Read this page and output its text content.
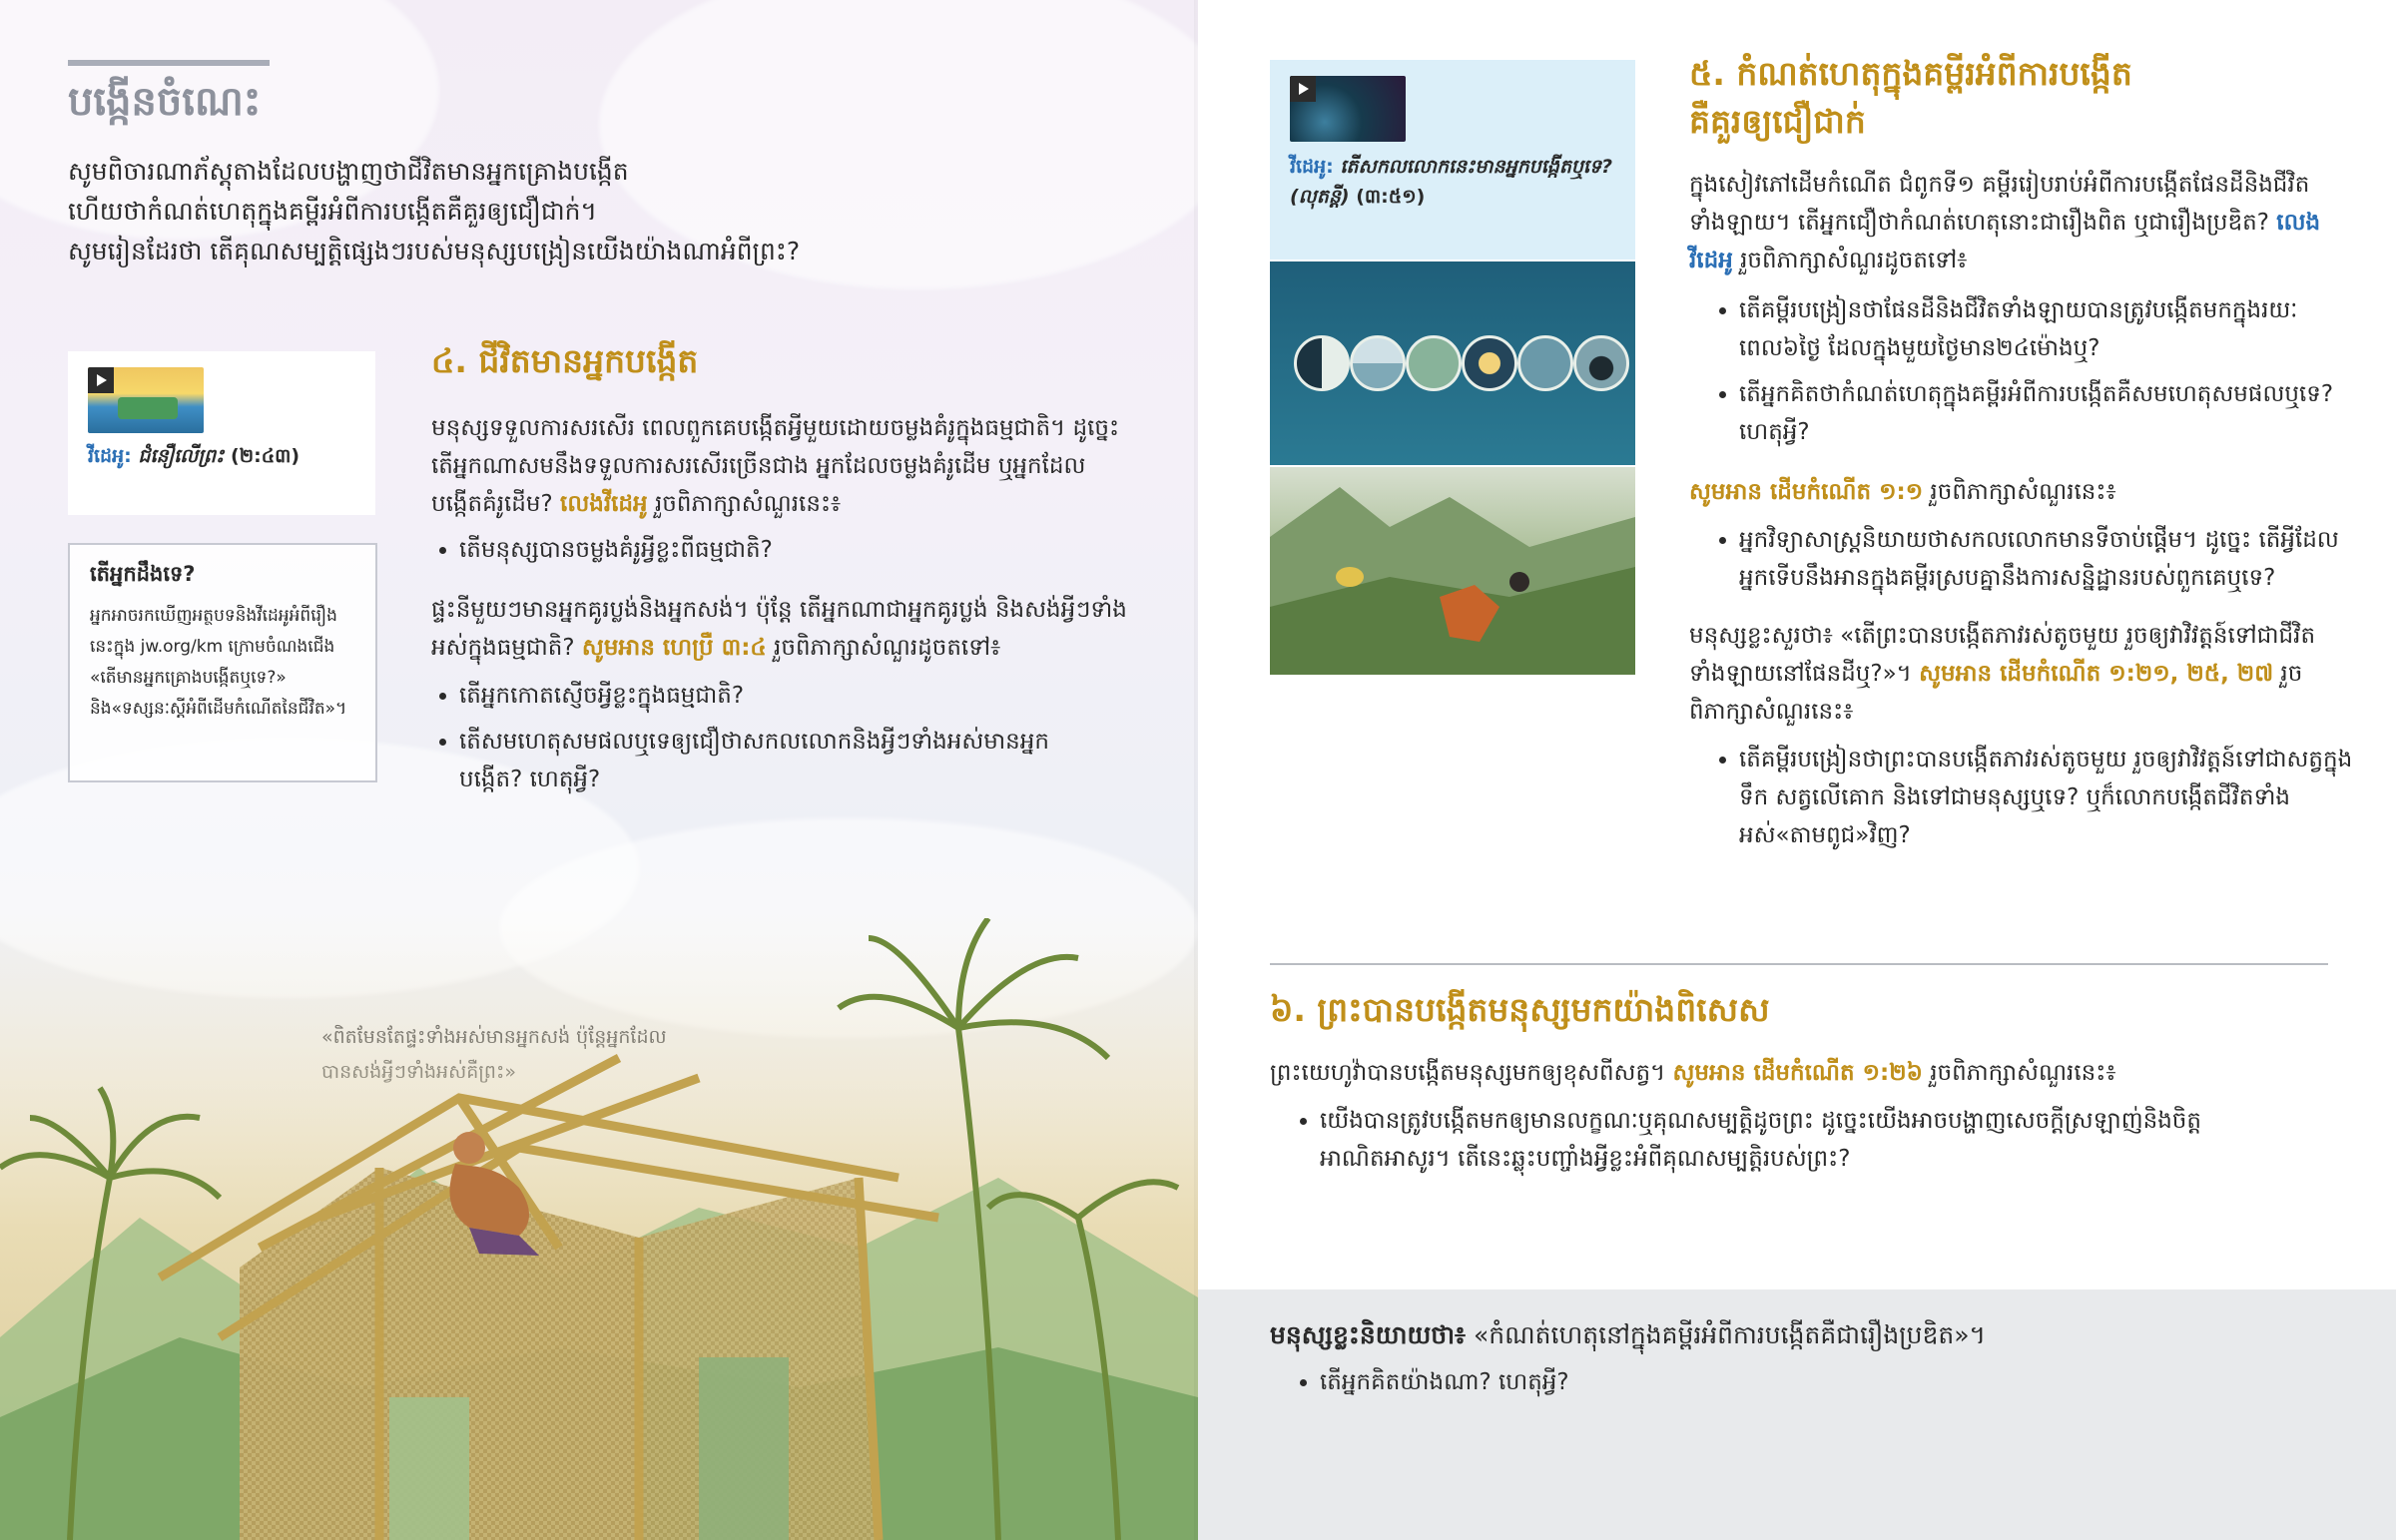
បង្កើនចំណេះ
សូមពិចារណាភ័ស្តុតាងដែលបង្ហាញថាជីវិតមានអ្នកគ្រោងបង្កើត
ហើយថាកំណត់ហេតុក្នុងគម្ពីរអំពីការបង្កើតគឺគួរឲ្យជឿជាក់។
សូមរៀនដែរថា តើគុណសម្បត្តិផ្សេងៗរបស់មនុស្សបង្រៀនយើងយ៉ាងណាអំពីព្រះ?
វីដេអូ: ជំនឿលើព្រះ (២:៤៣)
តើអ្នកដឹងទេ?
អ្នកអាចរកឃើញអត្ថបទនិងវីដេអូអំពីរឿងនេះក្នុង jw.org/km ក្រោមចំណងជើង «តើមានអ្នកគ្រោងបង្កើតឬទេ?» និង«ទស្សនៈស្ដីអំពីដើមកំណើតនៃជីវិត»។
៤. ជីវិតមានអ្នកបង្កើត
មនុស្សទទួលការសរសើរ ពេលពួកគេបង្កើតអ្វីមួយដោយចម្លងគំរូក្នុងធម្មជាតិ។ ដូច្នេះ តើអ្នកណាសមនឹងទទួលការសរសើរច្រើនជាង អ្នកដែលចម្លងគំរូដើម ឬអ្នកដែលបង្កើតគំរូដើម? លេងវីដេអូ រួចពិភាក្សាសំណួរនេះ៖
• តើមនុស្សបានចម្លងគំរូអ្វីខ្លះពីធម្មជាតិ?
ផ្ទះនីមួយៗមានអ្នកគូរប្លង់និងអ្នកសង់។ ប៉ុន្តែ តើអ្នកណាជាអ្នកគូរប្លង់ និងសង់អ្វីៗទាំងអស់ក្នុងធម្មជាតិ? សូមអាន ហេប្រឺ ៣:៤ រួចពិភាក្សាសំណួរដូចតទៅ៖
• តើអ្នកកោតស្ញើចអ្វីខ្លះក្នុងធម្មជាតិ?
• តើសមហេតុសមផលឬទេឲ្យជឿថាសកលលោកនិងអ្វីៗទាំងអស់មានអ្នកបង្កើត? ហេតុអ្វី?
វីដេអូ: តើសកលលោកនេះមានអ្នកបង្កើតឬទេ?
(លុតន្តី) (៣:៥១)
៥. កំណត់ហេតុក្នុងគម្ពីរអំពីការបង្កើត
គឺគួរឲ្យជឿជាក់
ក្នុងសៀវភៅដើមកំណើត ជំពូកទី១ គម្ពីររៀបរាប់អំពីការបង្កើតផែនដីនិងជីវិតទាំងឡាយ។ តើអ្នកជឿថាកំណត់ហេតុនោះជារឿងពិត ឬជារឿងប្រឌិត? លេងវីដេអូ រួចពិភាក្សាសំណួរដូចតទៅ៖
• តើគម្ពីរបង្រៀនថាផែនដីនិងជីវិតទាំងឡាយបានត្រូវបង្កើតមកក្នុងរយៈពេល៦ថ្ងៃ ដែលក្នុងមួយថ្ងៃមាន២៤ម៉ោងឬ?
• តើអ្នកគិតថាកំណត់ហេតុក្នុងគម្ពីរអំពីការបង្កើតគឺសមហេតុសមផលឬទេ? ហេតុអ្វី?
សូមអាន ដើមកំណើត ១:១ រួចពិភាក្សាសំណួរនេះ៖
• អ្នកវិទ្យាសាស្ត្រនិយាយថាសកលលោកមានទីចាប់ផ្ដើម។ ដូច្នេះ តើអ្វីដែលអ្នកទើបនឹងអានក្នុងគម្ពីរស្របគ្នានឹងការសន្និដ្ឋានរបស់ពួកគេឬទេ?
មនុស្សខ្លះសួរថា៖ «តើព្រះបានបង្កើតភាវរស់តូចមួយ រួចឲ្យវាវិវត្តន៍ទៅជាជីវិតទាំងឡាយនៅផែនដីឬ?»។ សូមអាន ដើមកំណើត ១:២១, ២៥, ២៧ រួចពិភាក្សាសំណួរនេះ៖
• តើគម្ពីរបង្រៀនថាព្រះបានបង្កើតភាវរស់តូចមួយ រួចឲ្យវាវិវត្តន៍ទៅជាសត្វក្នុងទឹក សត្វលើគោក និងទៅជាមនុស្សឬទេ? ឬក៏លោកបង្កើតជីវិតទាំងអស់«តាមពូជ»វិញ?
៦. ព្រះបានបង្កើតមនុស្សមកយ៉ាងពិសេស
ព្រះយេហូវ៉ាបានបង្កើតមនុស្សមកឲ្យខុសពីសត្វ។ សូមអាន ដើមកំណើត ១:២៦ រួចពិភាក្សាសំណួរនេះ៖
• យើងបានត្រូវបង្កើតមកឲ្យមានលក្ខណៈឬគុណសម្បត្តិដូចព្រះ ដូច្នេះយើងអាចបង្ហាញសេចក្ដីស្រឡាញ់និងចិត្តអាណិតអាសូរ។ តើនេះឆ្លុះបញ្ចាំងអ្វីខ្លះអំពីគុណសម្បត្តិរបស់ព្រះ?
មនុស្សខ្លះនិយាយថា៖ «កំណត់ហេតុនៅក្នុងគម្ពីរអំពីការបង្កើតគឺជារឿងប្រឌិត»។
• តើអ្នកគិតយ៉ាងណា? ហេតុអ្វី?
